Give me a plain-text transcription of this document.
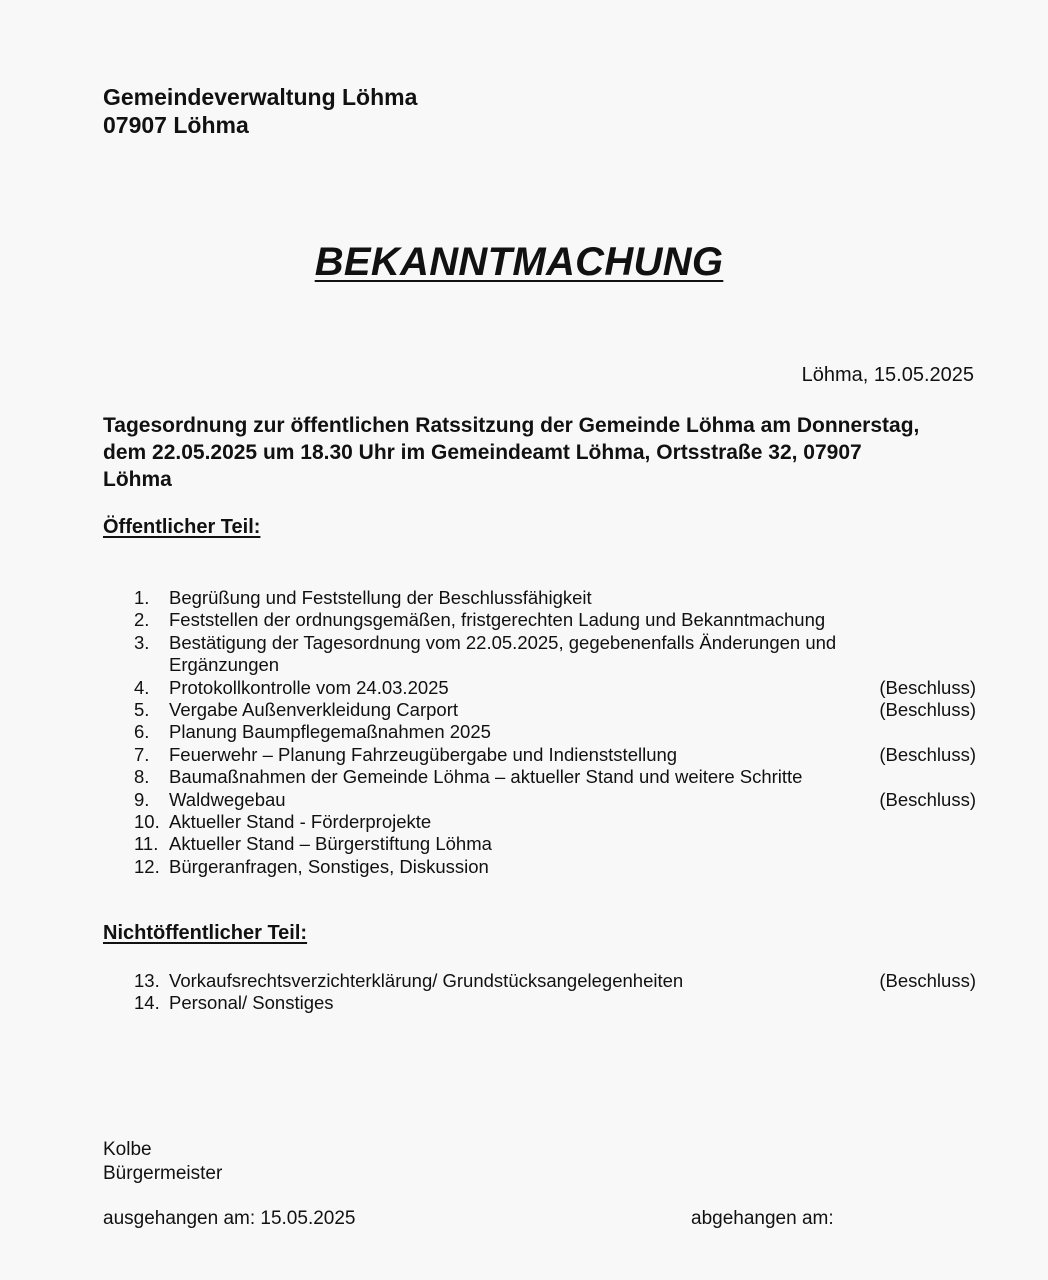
Gemeindeverwaltung Löhma
07907 Löhma
BEKANNTMACHUNG
Löhma, 15.05.2025
Tagesordnung zur öffentlichen Ratssitzung der Gemeinde Löhma am Donnerstag, dem 22.05.2025 um 18.30 Uhr im Gemeindeamt Löhma, Ortsstraße 32, 07907 Löhma
Öffentlicher Teil:
1.	Begrüßung und Feststellung der Beschlussfähigkeit
2.	Feststellen der ordnungsgemäßen, fristgerechten Ladung und Bekanntmachung
3.	Bestätigung der Tagesordnung vom 22.05.2025, gegebenenfalls Änderungen und Ergänzungen
4.	Protokollkontrolle vom 24.03.2025	(Beschluss)
5.	Vergabe Außenverkleidung Carport	(Beschluss)
6.	Planung Baumpflegemaßnahmen 2025
7.	Feuerwehr – Planung Fahrzeugübergabe und Indienststellung	(Beschluss)
8.	Baumaßnahmen der Gemeinde Löhma – aktueller Stand und weitere Schritte
9.	Waldwegebau	(Beschluss)
10. Aktueller Stand - Förderprojekte
11. Aktueller Stand – Bürgerstiftung Löhma
12. Bürgeranfragen, Sonstiges, Diskussion
Nichtöffentlicher Teil:
13. Vorkaufsrechtsverzichterklärung/ Grundstücksangelegenheiten	(Beschluss)
14. Personal/ Sonstiges
Kolbe
Bürgermeister
ausgehangen am: 15.05.2025	abgehangen am:
